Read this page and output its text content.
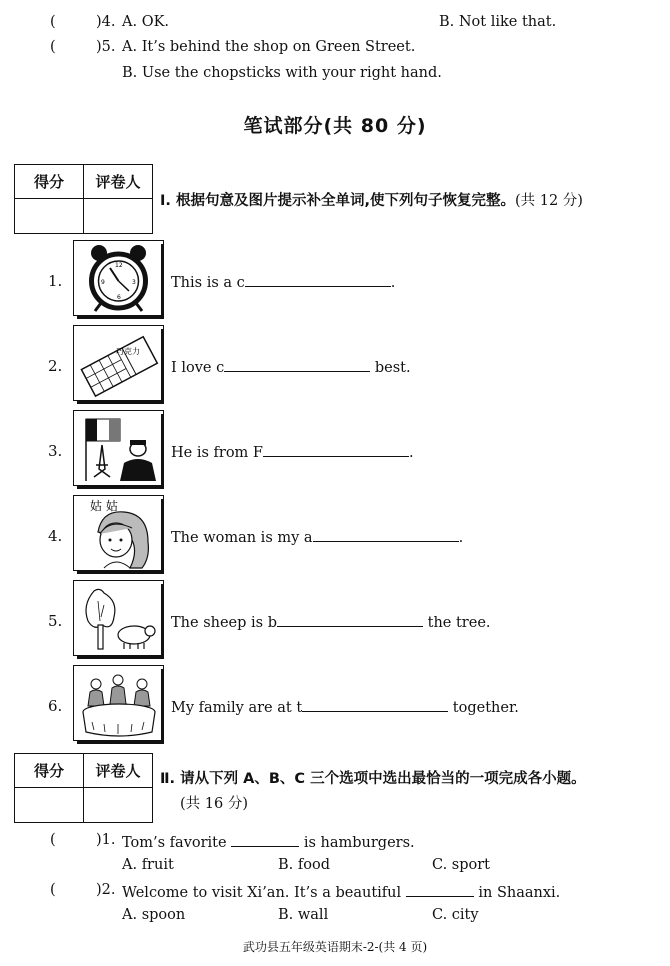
(	)4. A. OK.	B. Not like that.
(	)5. A. It’s behind the shop on Green Street.
B. Use the chopsticks with your right hand.
笔试部分(共 80 分)
得分	评卷人

Ⅰ. 根据句意及图片提示补全单词,使下列句子恢复完整。(共 12 分)
1.
12
3
6
9	This is a c	.
2.
巧克力
I love c	best.
3.	He is from F	.
4.
姑 姑
The woman is my a	.
5.	The sheep is b	the tree.
6.	My family are at t	together.
得分	评卷人
	Ⅱ. 请从下列 A、B、C 三个选项中选出最恰当的一项完成各小题。
(共 16 分)
(	)1. Tom’s favorite	is hamburgers.
A. fruit	B. food	C. sport
(	)2. Welcome to visit Xi’an. It’s a beautiful	in Shaanxi.
A. spoon	B. wall	C. city
武功县五年级英语期末-2-(共 4 页)
